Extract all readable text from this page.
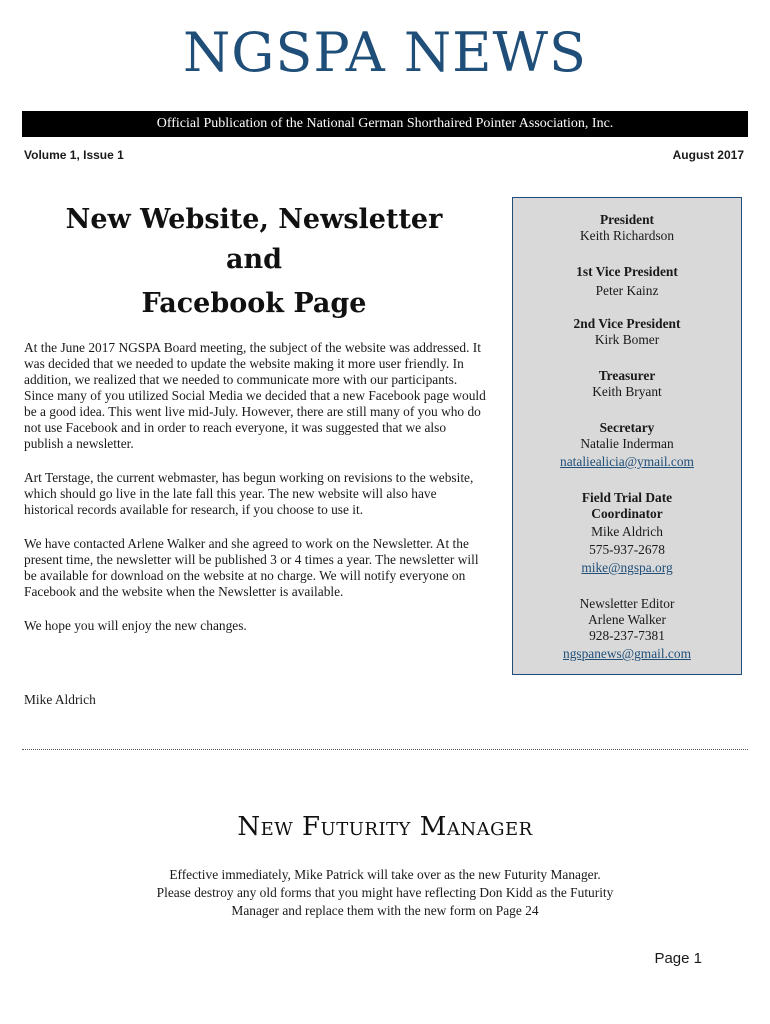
NGSPA NEWS
Official Publication of the National German Shorthaired Pointer Association, Inc.
Volume 1, Issue 1	August 2017
New Website, Newsletter
and

Facebook Page

At the June 2017 NGSPA Board meeting, the subject of the website was addressed. It was decided that we needed to update the website making it more user friendly. In addition, we realized that we needed to communicate more with our participants. Since many of you utilized Social Media we decided that a new Facebook page would be a good idea. This went live mid-July. However, there are still many of you who do not use Facebook and in order to reach everyone, it was suggested that we also publish a newsletter.

Art Terstage, the current webmaster, has begun working on revisions to the website, which should go live in the late fall this year. The new website will also have historical records available for research, if you choose to use it.

We have contacted Arlene Walker and she agreed to work on the Newsletter. At the present time, the newsletter will be published 3 or 4 times a year. The newsletter will be available for download on the website at no charge. We will notify everyone on Facebook and the website when the Newsletter is available.

We hope you will enjoy the new changes.

Mike Aldrich
President
Keith Richardson
1st Vice President
Peter Kainz
2nd Vice President
Kirk Bomer
Treasurer
Keith Bryant
Secretary
Natalie Inderman
nataliealicia@ymail.com
Field Trial Date
Coordinator
Mike Aldrich
575-937-2678
mike@ngspa.org
Newsletter Editor
Arlene Walker
928-237-7381
ngspanews@gmail.com
New Futurity Manager
Effective immediately, Mike Patrick will take over as the new Futurity Manager.
Please destroy any old forms that you might have reflecting Don Kidd as the Futurity
Manager and replace them with the new form on Page 24
Page 1
